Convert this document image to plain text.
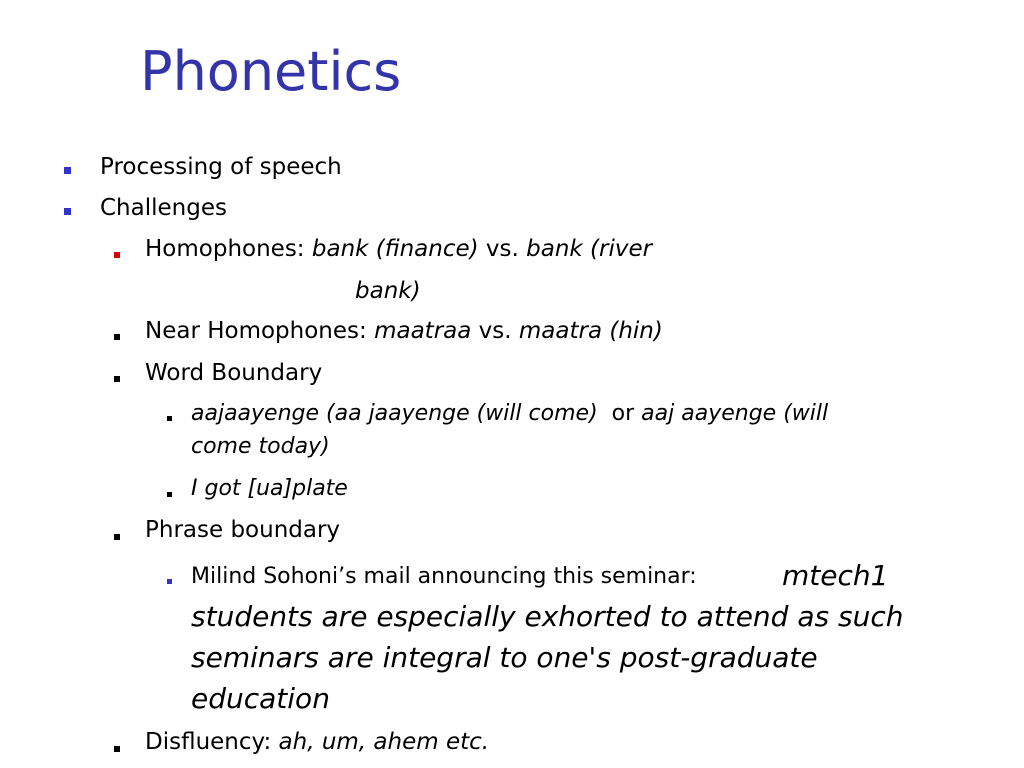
Phonetics
Processing of speech
Challenges
Homophones: bank (finance) vs. bank (river
bank)
Near Homophones: maatraa vs. maatra (hin)
Word Boundary
aajaayenge (aa jaayenge (will come) or aaj aayenge (will
come today)
I got [ua]plate
Phrase boundary
Milind Sohoni’s mail announcing this seminar:	mtech1
students are especially exhorted to attend as such
seminars are integral to one's post-graduate
education
Disfluency: ah, um, ahem etc.
